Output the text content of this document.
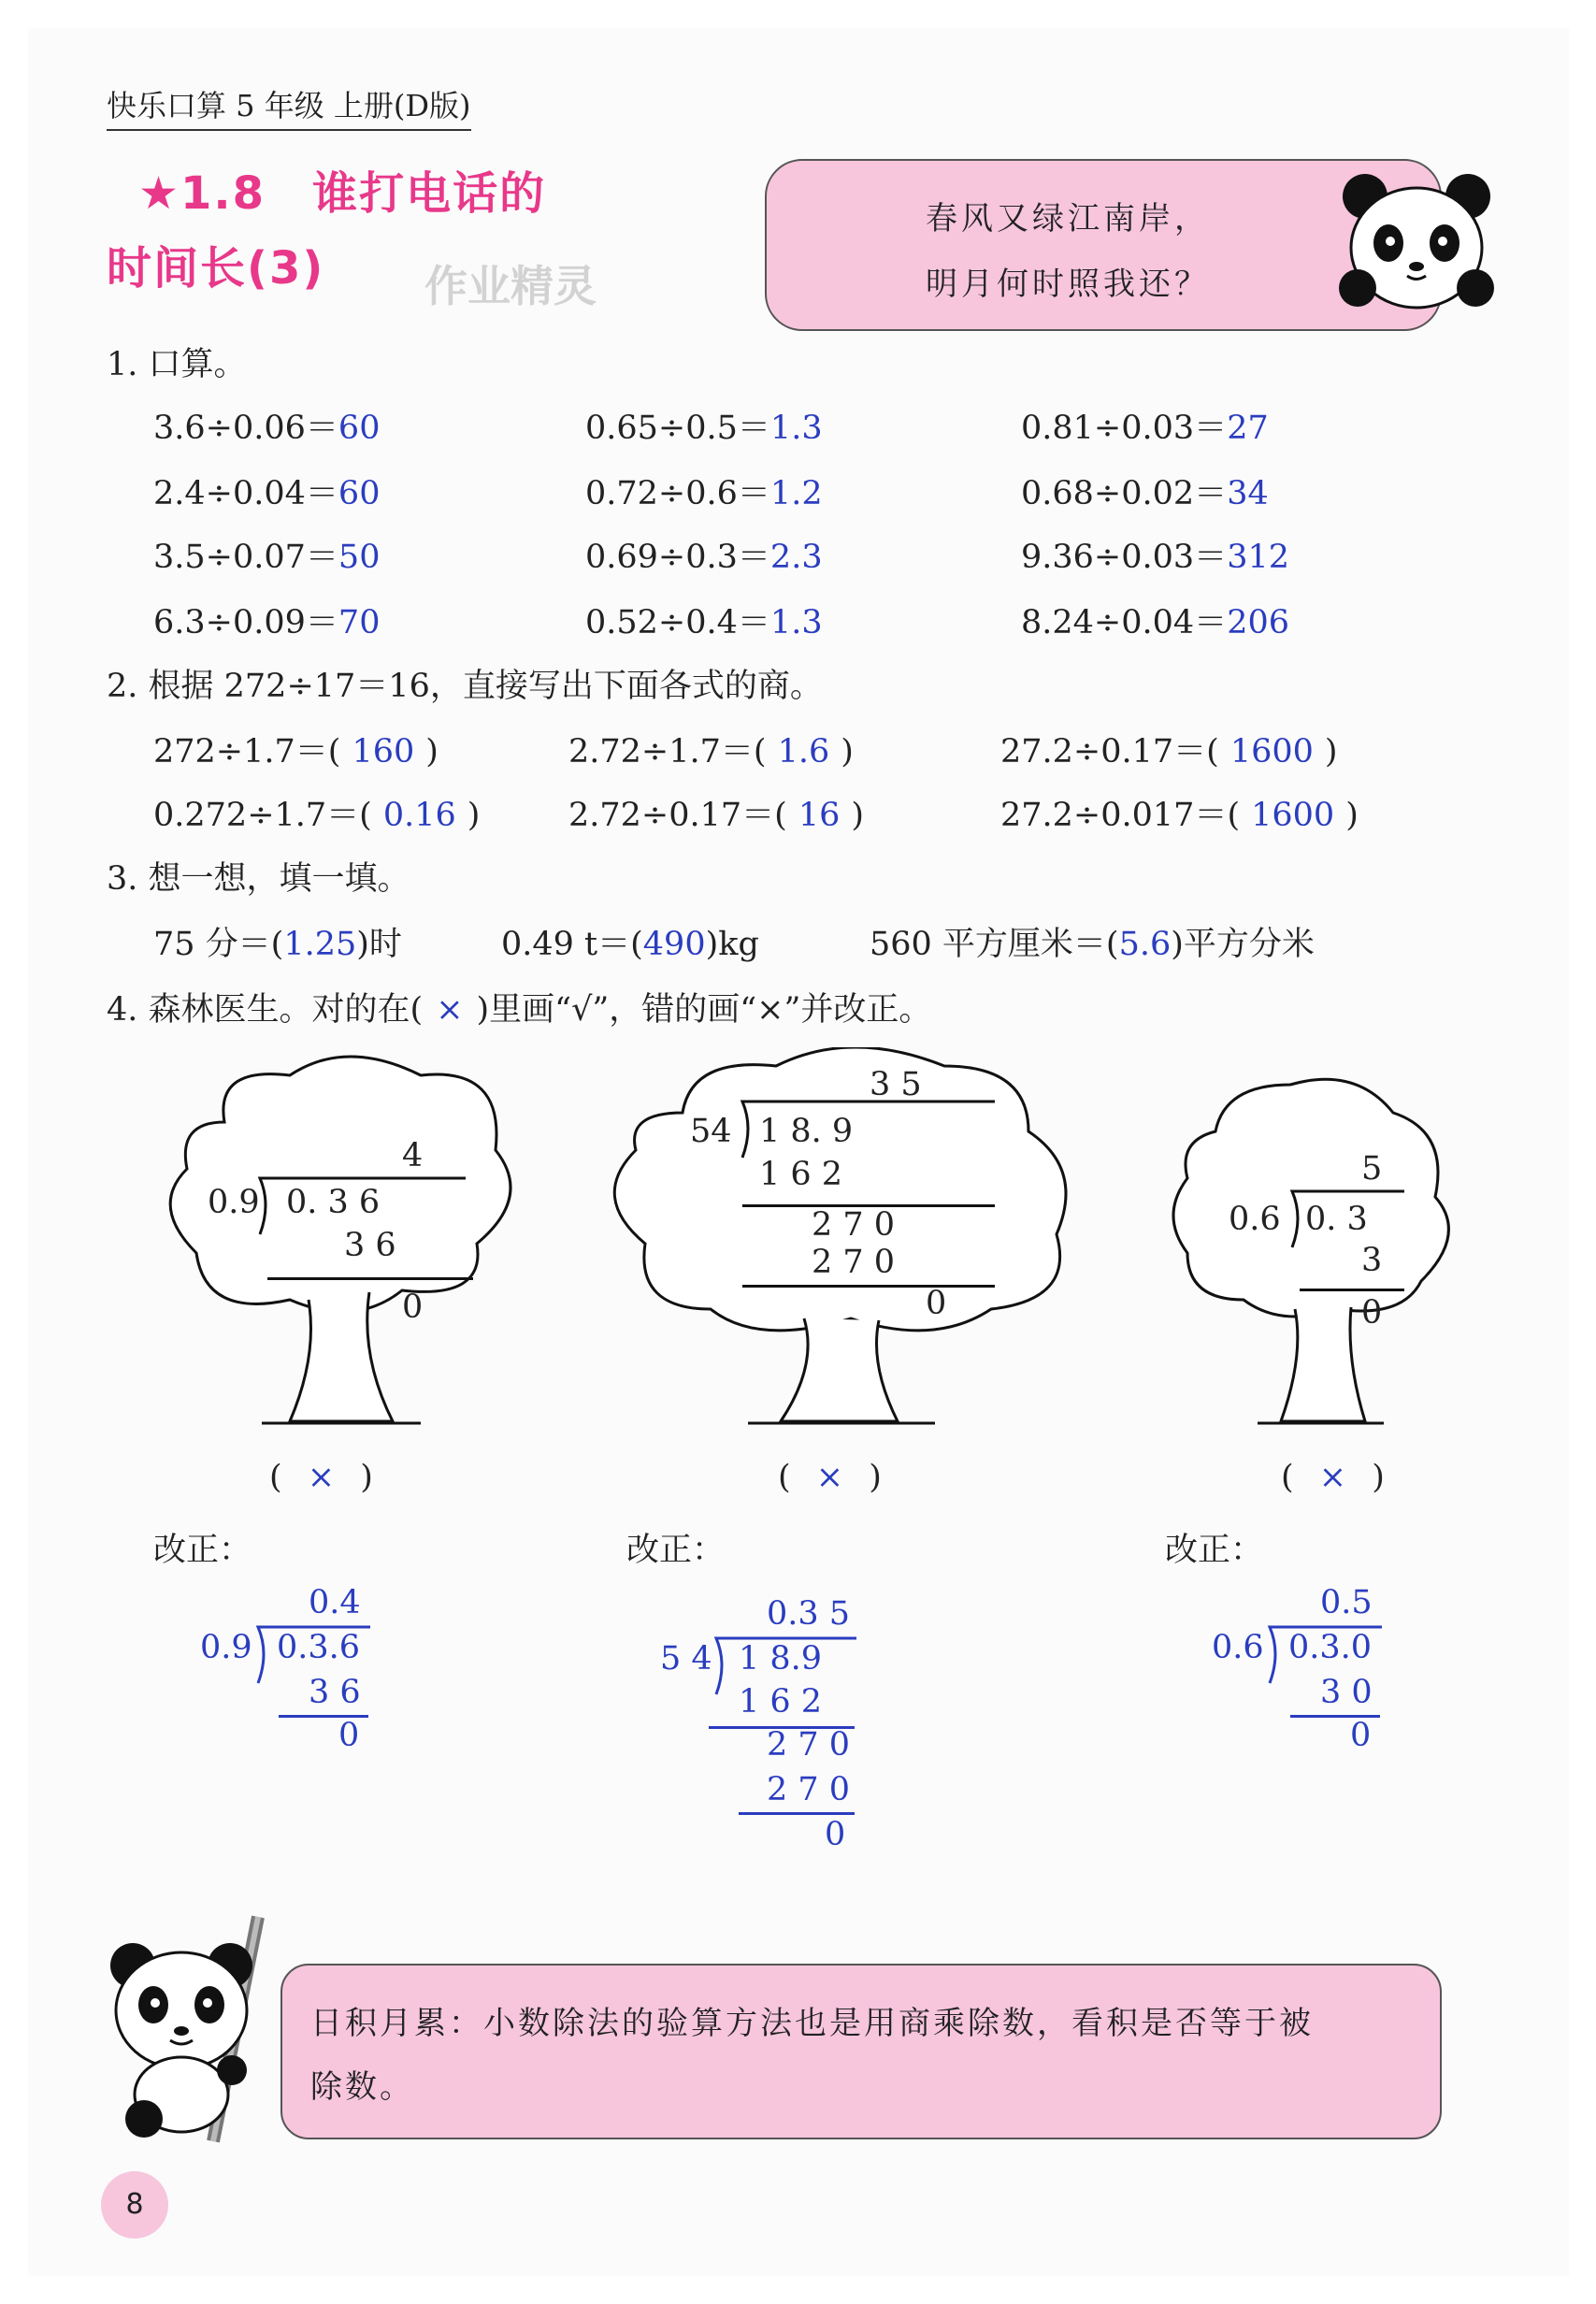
快乐口算 5 年级 上册(D版)
★1.8　谁打电话的
时间长(3) 作业精灵
春风又绿江南岸，
明月何时照我还？
1. 口算。
3.6÷0.06＝60	0.65÷0.5＝1.3	0.81÷0.03＝27
2.4÷0.04＝60	0.72÷0.6＝1.2	0.68÷0.02＝34
3.5÷0.07＝50	0.69÷0.3＝2.3	9.36÷0.03＝312
6.3÷0.09＝70	0.52÷0.4＝1.3	8.24÷0.04＝206
2. 根据 272÷17＝16，直接写出下面各式的商。
272÷1.7＝( 160 )	2.72÷1.7＝( 1.6 )	27.2÷0.17＝( 1600 )
0.272÷1.7＝( 0.16 )	2.72÷0.17＝( 16 )	27.2÷0.017＝( 1600 )
3. 想一想，填一填。
75 分＝(1.25)时	0.49 t＝(490)kg	560 平方厘米＝(5.6)平方分米
4. 森林医生。对的在( × )里画“√”，错的画“×”并改正。
4
0.9 0. 3 6
3 6
0
3 5
54 1 8. 9
1 6 2
2 7 0
2 7 0
0
5
0.6 0. 3
3
0
( × )	( × )	( × )
改正：	改正：	改正：
0.4
0.9 0.3.6
3 6
0
0.3 5
5 4 1 8.9
1 6 2
2 7 0
2 7 0
0
0.5
0.6 0.3.0
3 0
0
日积月累：小数除法的验算方法也是用商乘除数，看积是否等于被
除数。
8
